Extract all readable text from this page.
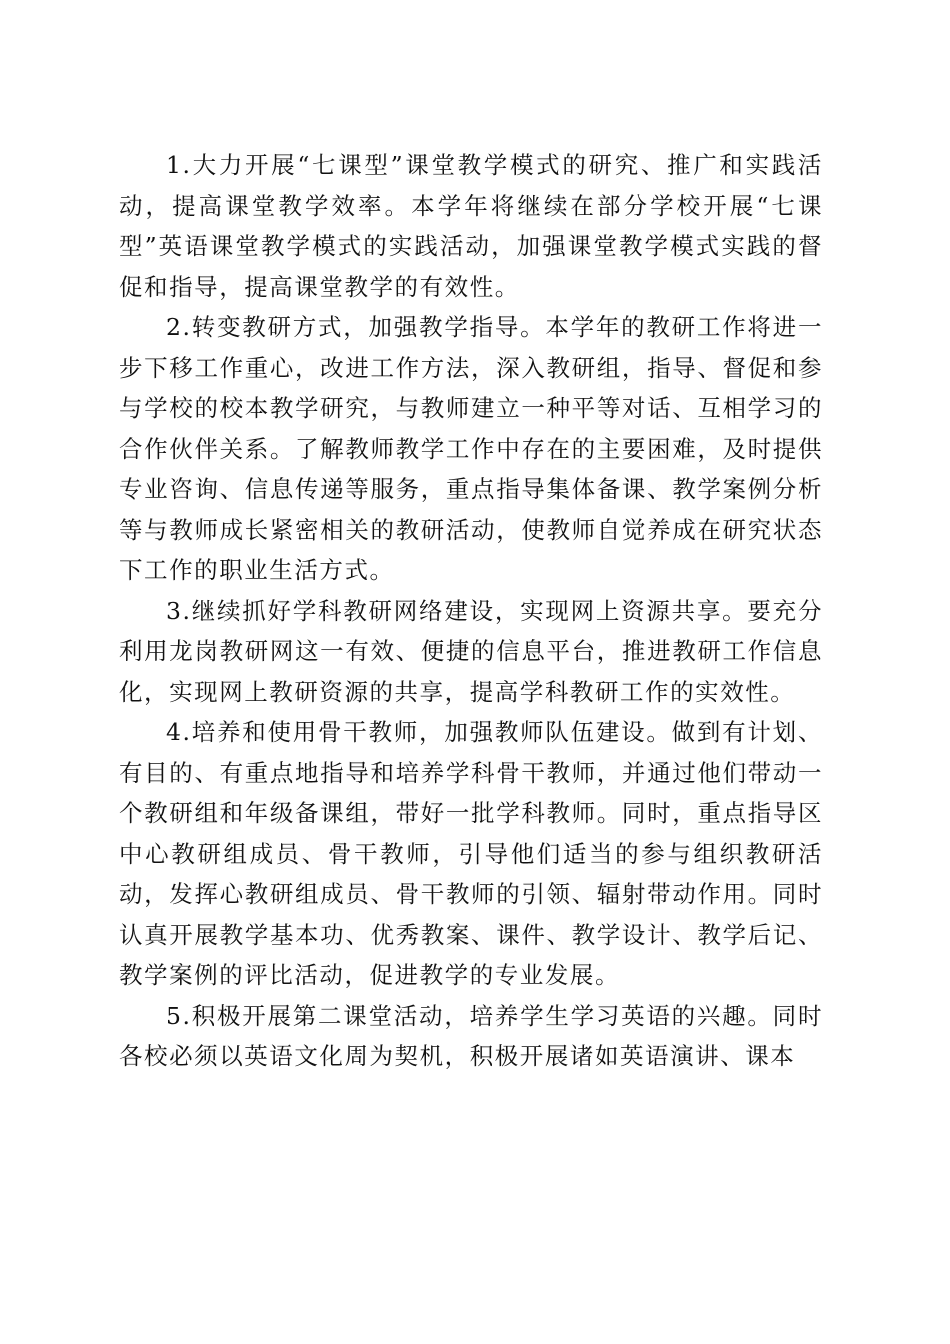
1.大力开展“七课型”课堂教学模式的研究、推广和实践活动，提高课堂教学效率。本学年将继续在部分学校开展“七课型”英语课堂教学模式的实践活动，加强课堂教学模式实践的督促和指导，提高课堂教学的有效性。

2.转变教研方式，加强教学指导。本学年的教研工作将进一步下移工作重心，改进工作方法，深入教研组，指导、督促和参与学校的校本教学研究，与教师建立一种平等对话、互相学习的合作伙伴关系。了解教师教学工作中存在的主要困难，及时提供专业咨询、信息传递等服务，重点指导集体备课、教学案例分析等与教师成长紧密相关的教研活动，使教师自觉养成在研究状态下工作的职业生活方式。

3.继续抓好学科教研网络建设，实现网上资源共享。要充分利用龙岗教研网这一有效、便捷的信息平台，推进教研工作信息化，实现网上教研资源的共享，提高学科教研工作的实效性。

4.培养和使用骨干教师，加强教师队伍建设。做到有计划、有目的、有重点地指导和培养学科骨干教师，并通过他们带动一个教研组和年级备课组，带好一批学科教师。同时，重点指导区中心教研组成员、骨干教师，引导他们适当的参与组织教研活动，发挥心教研组成员、骨干教师的引领、辐射带动作用。同时认真开展教学基本功、优秀教案、课件、教学设计、教学后记、教学案例的评比活动，促进教学的专业发展。

5.积极开展第二课堂活动，培养学生学习英语的兴趣。同时各校必须以英语文化周为契机，积极开展诸如英语演讲、课本
